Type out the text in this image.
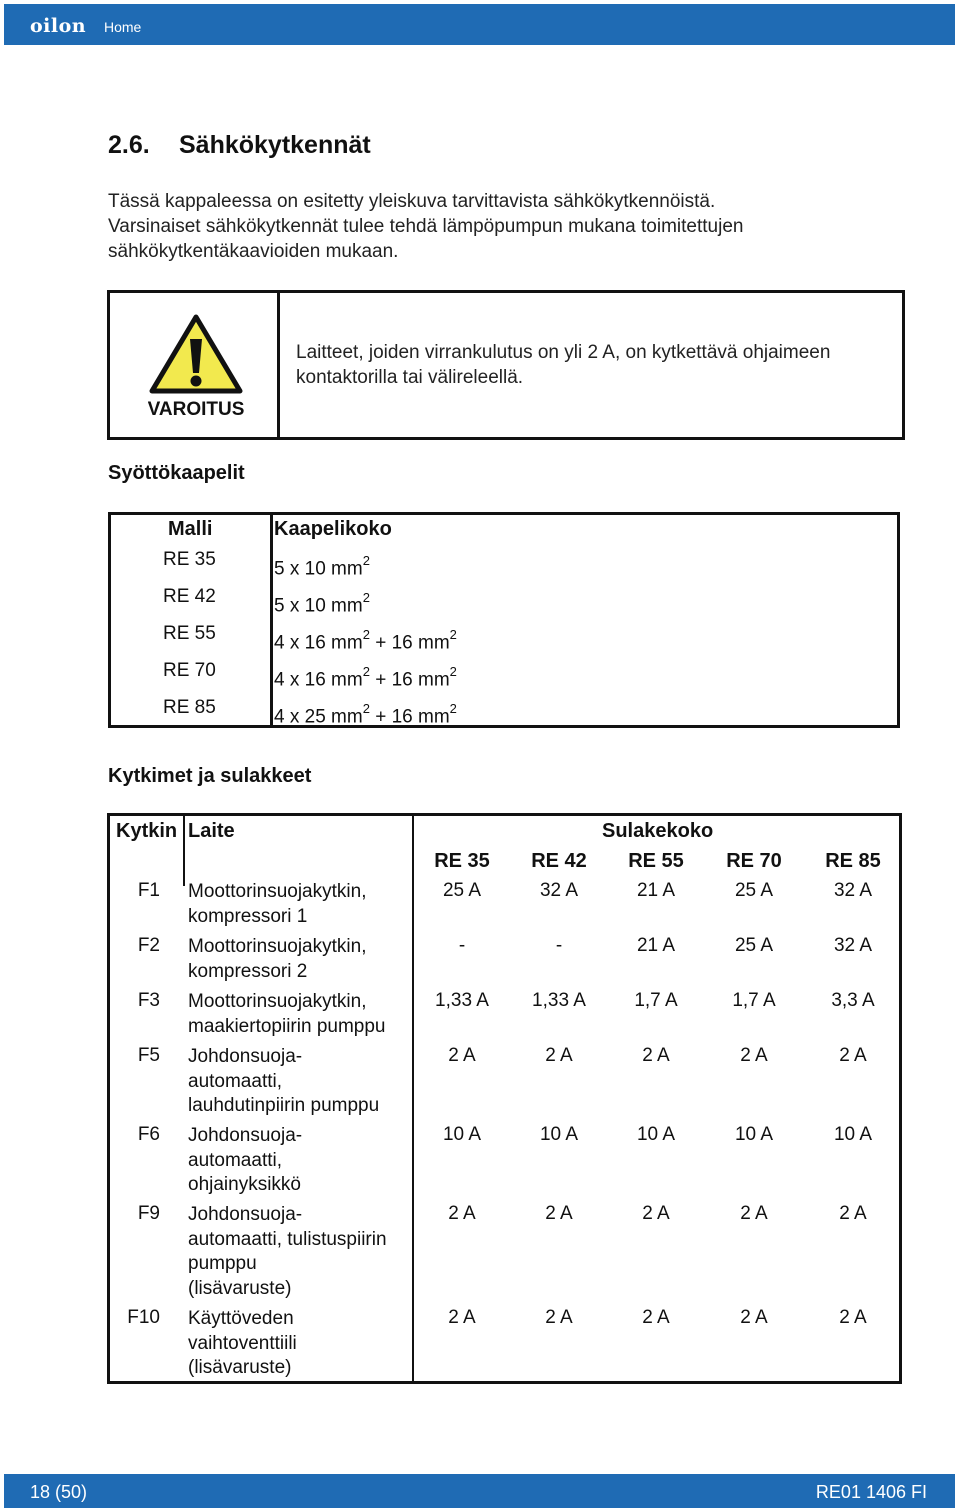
oilon Home
2.6. Sähkökytkennät
Tässä kappaleessa on esitetty yleiskuva tarvittavista sähkökytkennöistä.
Varsinaiset sähkökytkennät tulee tehdä lämpöpumpun mukana toimitettujen
sähkökytkentäkaavioiden mukaan.
VAROITUS
Laitteet, joiden virrankulutus on yli 2 A, on kytkettävä ohjaimeen
kontaktorilla tai välireleellä.
Syöttökaapelit
Malli	Kaapelikoko
RE 35	5 x 10 $mm^2$
RE 42	5 x 10 $mm^2$
RE 55	4 x 16 $mm^2 + 16$ $mm^2$
RE 70	4 x 16 $mm^2 + 16$ $mm^2$
RE 85	4 x 25 $mm^2 + 16$ $mm^2$
Kytkimet ja sulakkeet
Kytkin Laite	Sulakekoko
RE 35	RE 42	RE 55	RE 70	RE 85
F1 Moottorinsuojakytkin,
kompressori 1
25 A	32 A	21 A	25 A	32 A
F2 Moottorinsuojakytkin,
kompressori 2
-	-	21 A	25 A	32 A
F3 Moottorinsuojakytkin,
maakiertopiirin pumppu
1,33 A	1,33 A	1,7 A	1,7 A	3,3 A
F5 Johdonsuoja-
automaatti,
lauhdutinpiirin pumppu
2 A	2 A	2 A	2 A	2 A
F6 Johdonsuoja-
automaatti,
ohjainyksikkö
10 A	10 A	10 A	10 A	10 A
F9 Johdonsuoja-
automaatti, tulistuspiirin
pumppu
(lisävaruste)
2 A	2 A	2 A	2 A	2 A
F10 Käyttöveden
vaihtoventtiili
(lisävaruste)
2 A	2 A	2 A	2 A	2 A
18 (50)	RE01 1406 FI
